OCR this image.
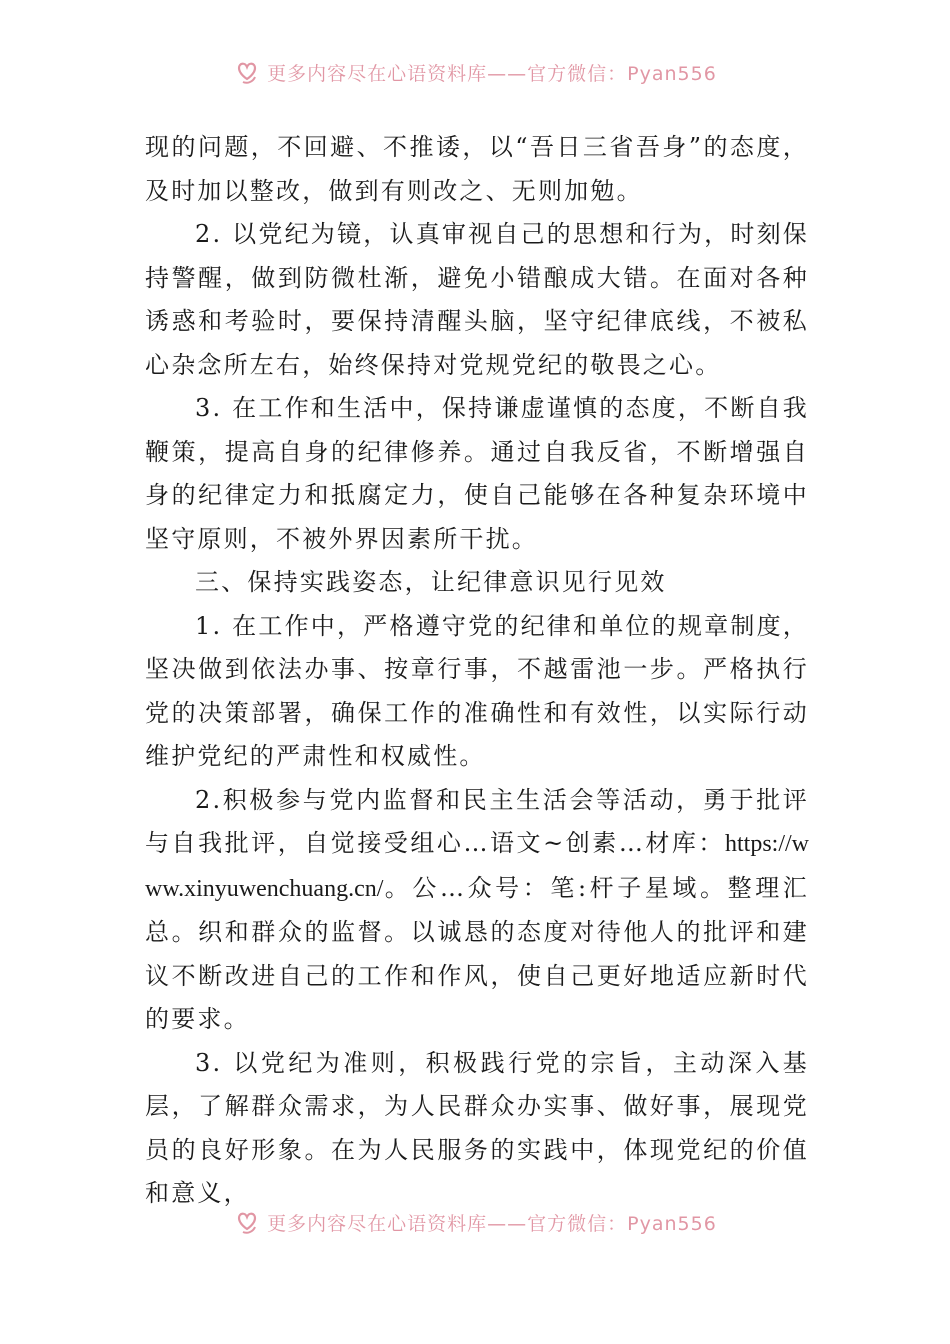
更多内容尽在心语资料库——官方微信：Pyan556

现的问题，不回避、不推诿，以“吾日三省吾身”的态度，及时加以整改，做到有则改之、无则加勉。

2. 以党纪为镜，认真审视自己的思想和行为，时刻保持警醒，做到防微杜渐，避免小错酿成大错。在面对各种诱惑和考验时，要保持清醒头脑，坚守纪律底线，不被私心杂念所左右，始终保持对党规党纪的敬畏之心。

3. 在工作和生活中，保持谦虚谨慎的态度，不断自我鞭策，提高自身的纪律修养。通过自我反省，不断增强自身的纪律定力和抵腐定力，使自己能够在各种复杂环境中坚守原则，不被外界因素所干扰。

三、保持实践姿态，让纪律意识见行见效

1. 在工作中，严格遵守党的纪律和单位的规章制度，坚决做到依法办事、按章行事，不越雷池一步。严格执行党的决策部署，确保工作的准确性和有效性，以实际行动维护党纪的严肃性和权威性。

2.积极参与党内监督和民主生活会等活动，勇于批评与自我批评，自觉接受组心…语文~创素…材库：https://www.xinyuwenchuang.cn/。公…众号：笔:杆子星域。整理汇总。织和群众的监督。以诚恳的态度对待他人的批评和建议不断改进自己的工作和作风，使自己更好地适应新时代的要求。

3. 以党纪为准则，积极践行党的宗旨，主动深入基层，了解群众需求，为人民群众办实事、做好事，展现党员的良好形象。在为人民服务的实践中，体现党纪的价值和意义，

更多内容尽在心语资料库——官方微信：Pyan556
